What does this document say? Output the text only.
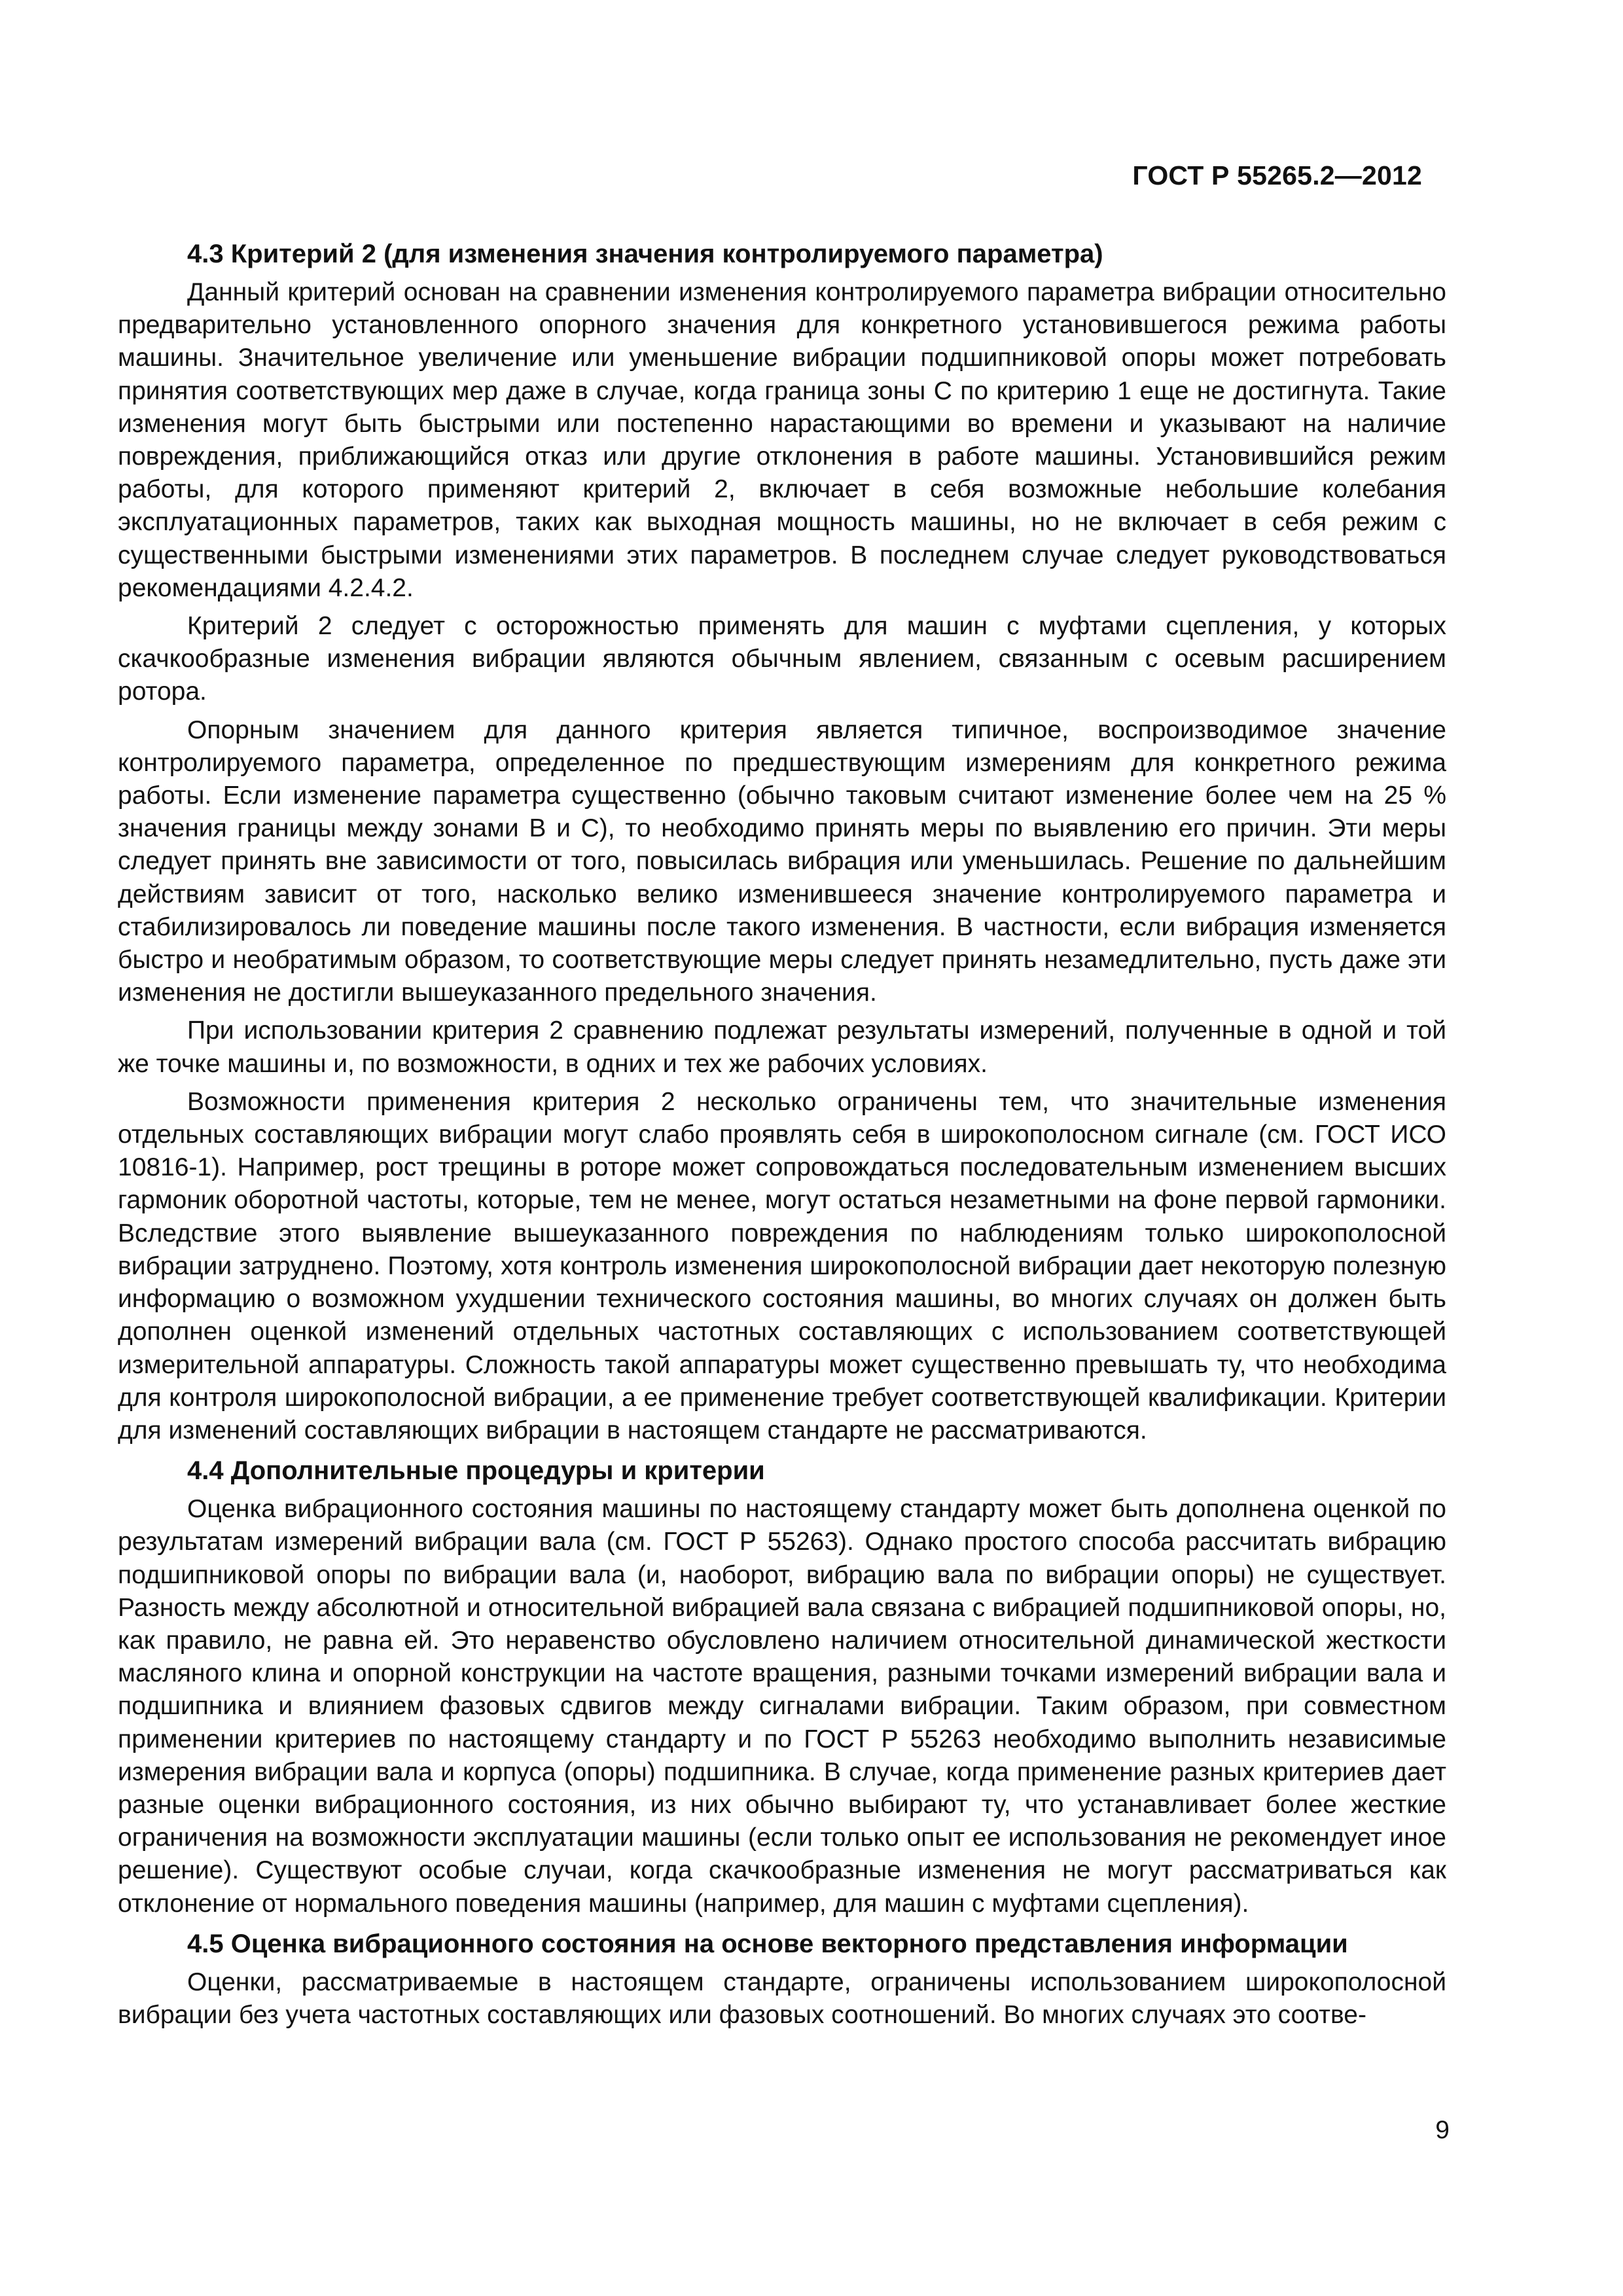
ГОСТ Р 55265.2—2012
4.3 Критерий 2 (для изменения значения контролируемого параметра)

Данный критерий основан на сравнении изменения контролируемого параметра вибрации относительно предварительно установленного опорного значения для конкретного установившегося режима работы машины. Значительное увеличение или уменьшение вибрации подшипниковой опоры может потребовать принятия соответствующих мер даже в случае, когда граница зоны С по критерию 1 еще не достигнута. Такие изменения могут быть быстрыми или постепенно нарастающими во времени и указывают на наличие повреждения, приближающийся отказ или другие отклонения в работе машины. Установившийся режим работы, для которого применяют критерий 2, включает в себя возможные небольшие колебания эксплуатационных параметров, таких как выходная мощность машины, но не включает в себя режим с существенными быстрыми изменениями этих параметров. В последнем случае следует руководствоваться рекомендациями 4.2.4.2.

Критерий 2 следует с осторожностью применять для машин с муфтами сцепления, у которых скачкообразные изменения вибрации являются обычным явлением, связанным с осевым расширением ротора.

Опорным значением для данного критерия является типичное, воспроизводимое значение контролируемого параметра, определенное по предшествующим измерениям для конкретного режима работы. Если изменение параметра существенно (обычно таковым считают изменение более чем на 25 % значения границы между зонами В и С), то необходимо принять меры по выявлению его причин. Эти меры следует принять вне зависимости от того, повысилась вибрация или уменьшилась. Решение по дальнейшим действиям зависит от того, насколько велико изменившееся значение контролируемого параметра и стабилизировалось ли поведение машины после такого изменения. В частности, если вибрация изменяется быстро и необратимым образом, то соответствующие меры следует принять незамедлительно, пусть даже эти изменения не достигли вышеуказанного предельного значения.

При использовании критерия 2 сравнению подлежат результаты измерений, полученные в одной и той же точке машины и, по возможности, в одних и тех же рабочих условиях.

Возможности применения критерия 2 несколько ограничены тем, что значительные изменения отдельных составляющих вибрации могут слабо проявлять себя в широкополосном сигнале (см. ГОСТ ИСО 10816-1). Например, рост трещины в роторе может сопровождаться последовательным изменением высших гармоник оборотной частоты, которые, тем не менее, могут остаться незаметными на фоне первой гармоники. Вследствие этого выявление вышеуказанного повреждения по наблюдениям только широкополосной вибрации затруднено. Поэтому, хотя контроль изменения широкополосной вибрации дает некоторую полезную информацию о возможном ухудшении технического состояния машины, во многих случаях он должен быть дополнен оценкой изменений отдельных частотных составляющих с использованием соответствующей измерительной аппаратуры. Сложность такой аппаратуры может существенно превышать ту, что необходима для контроля широкополосной вибрации, а ее применение требует соответствующей квалификации. Критерии для изменений составляющих вибрации в настоящем стандарте не рассматриваются.

4.4 Дополнительные процедуры и критерии

Оценка вибрационного состояния машины по настоящему стандарту может быть дополнена оценкой по результатам измерений вибрации вала (см. ГОСТ Р 55263). Однако простого способа рассчитать вибрацию подшипниковой опоры по вибрации вала (и, наоборот, вибрацию вала по вибрации опоры) не существует. Разность между абсолютной и относительной вибрацией вала связана с вибрацией подшипниковой опоры, но, как правило, не равна ей. Это неравенство обусловлено наличием относительной динамической жесткости масляного клина и опорной конструкции на частоте вращения, разными точками измерений вибрации вала и подшипника и влиянием фазовых сдвигов между сигналами вибрации. Таким образом, при совместном применении критериев по настоящему стандарту и по ГОСТ Р 55263 необходимо выполнить независимые измерения вибрации вала и корпуса (опоры) подшипника. В случае, когда применение разных критериев дает разные оценки вибрационного состояния, из них обычно выбирают ту, что устанавливает более жесткие ограничения на возможности эксплуатации машины (если только опыт ее использования не рекомендует иное решение). Существуют особые случаи, когда скачкообразные изменения не могут рассматриваться как отклонение от нормального поведения машины (например, для машин с муфтами сцепления).

4.5 Оценка вибрационного состояния на основе векторного представления информации

Оценки, рассматриваемые в настоящем стандарте, ограничены использованием широкополосной вибрации без учета частотных составляющих или фазовых соотношений. Во многих случаях это соотве-

9
